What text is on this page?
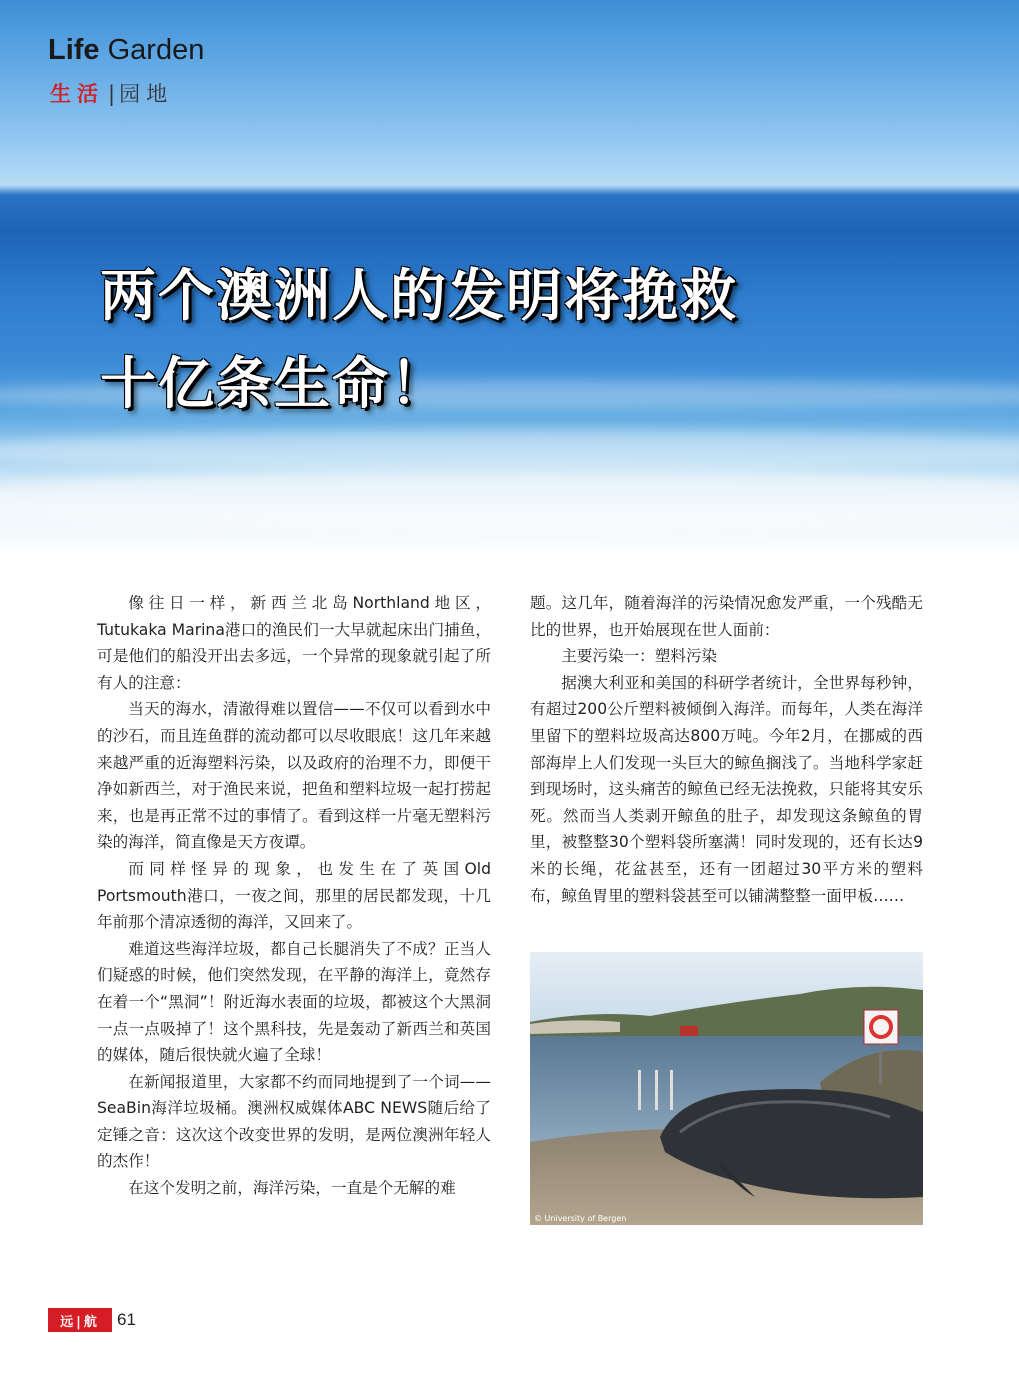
Life Garden
生活 | 园地
两个澳洲人的发明将挽救
十亿条生命！

像往日一样，新西兰北岛Northland地区，Tutukaka Marina港口的渔民们一大早就起床出门捕鱼，可是他们的船没开出去多远，一个异常的现象就引起了所有人的注意：

当天的海水，清澈得难以置信——不仅可以看到水中的沙石，而且连鱼群的流动都可以尽收眼底！这几年来越来越严重的近海塑料污染，以及政府的治理不力，即便干净如新西兰，对于渔民来说，把鱼和塑料垃圾一起打捞起来，也是再正常不过的事情了。看到这样一片毫无塑料污染的海洋，简直像是天方夜谭。

而同样怪异的现象，也发生在了英国Old Portsmouth港口，一夜之间，那里的居民都发现，十几年前那个清凉透彻的海洋，又回来了。

难道这些海洋垃圾，都自己长腿消失了不成？正当人们疑惑的时候，他们突然发现，在平静的海洋上，竟然存在着一个“黑洞”！附近海水表面的垃圾，都被这个大黑洞一点一点吸掉了！这个黑科技，先是轰动了新西兰和英国的媒体，随后很快就火遍了全球！

在新闻报道里，大家都不约而同地提到了一个词——SeaBin海洋垃圾桶。澳洲权威媒体ABC NEWS随后给了定锤之音：这次这个改变世界的发明，是两位澳洲年轻人的杰作！

在这个发明之前，海洋污染，一直是个无解的难

题。这几年，随着海洋的污染情况愈发严重，一个残酷无比的世界，也开始展现在世人面前：

主要污染一：塑料污染

据澳大利亚和美国的科研学者统计，全世界每秒钟，有超过200公斤塑料被倾倒入海洋。而每年，人类在海洋里留下的塑料垃圾高达800万吨。今年2月，在挪威的西部海岸上人们发现一头巨大的鲸鱼搁浅了。当地科学家赶到现场时，这头痛苦的鲸鱼已经无法挽救，只能将其安乐死。然而当人类剥开鲸鱼的肚子，却发现这条鲸鱼的胃里，被整整30个塑料袋所塞满！同时发现的，还有长达9米的长绳，花盆甚至，还有一团超过30平方米的塑料布，鲸鱼胃里的塑料袋甚至可以铺满整整一面甲板……

© University of Bergen
远|航	61
